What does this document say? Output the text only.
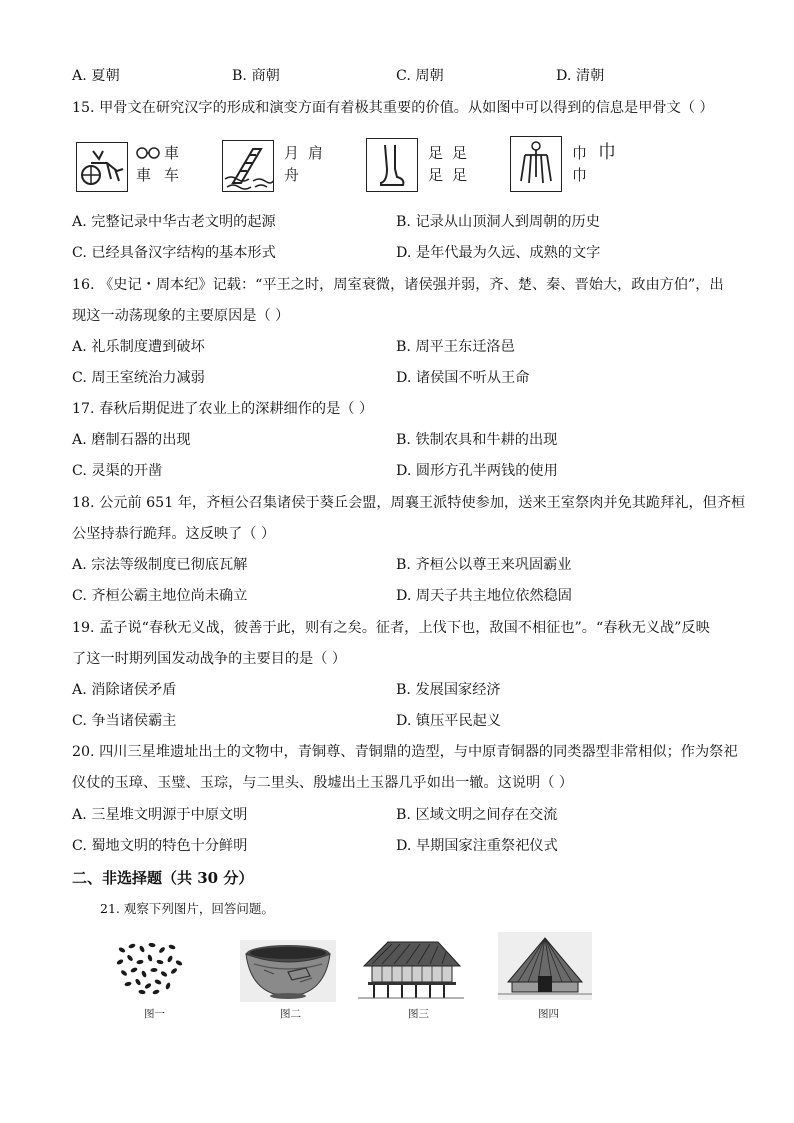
A. 夏朝	B. 商朝	C. 周朝	D. 清朝
15. 甲骨文在研究汉字的形成和演变方面有着极其重要的价值。从如图中可以得到的信息是甲骨文（ ）
車
車 车
月 肩
舟
足 足
足 足
巾 巾
巾
A. 完整记录中华古老文明的起源	B. 记录从山顶洞人到周朝的历史
C. 已经具备汉字结构的基本形式	D. 是年代最为久远、成熟的文字
16. 《史记・周本纪》记载：“平王之时，周室衰微，诸侯强并弱，齐、楚、秦、晋始大，政由方伯”，出
现这一动荡现象的主要原因是（ ）
A. 礼乐制度遭到破坏	B. 周平王东迁洛邑
C. 周王室统治力减弱	D. 诸侯国不听从王命
17. 春秋后期促进了农业上的深耕细作的是（ ）
A. 磨制石器的出现	B. 铁制农具和牛耕的出现
C. 灵渠的开凿	D. 圆形方孔半两钱的使用
18. 公元前 651 年，齐桓公召集诸侯于葵丘会盟，周襄王派特使参加，送来王室祭肉并免其跪拜礼，但齐桓
公坚持恭行跪拜。这反映了（ ）
A. 宗法等级制度已彻底瓦解	B. 齐桓公以尊王来巩固霸业
C. 齐桓公霸主地位尚未确立	D. 周天子共主地位依然稳固
19. 孟子说“春秋无义战，彼善于此，则有之矣。征者，上伐下也，敌国不相征也”。“春秋无义战”反映
了这一时期列国发动战争的主要目的是（ ）
A. 消除诸侯矛盾	B. 发展国家经济
C. 争当诸侯霸主	D. 镇压平民起义
20. 四川三星堆遗址出土的文物中，青铜尊、青铜鼎的造型，与中原青铜器的同类器型非常相似；作为祭祀
仪仗的玉璋、玉璧、玉琮，与二里头、殷墟出土玉器几乎如出一辙。这说明（ ）
A. 三星堆文明源于中原文明	B. 区域文明之间存在交流
C. 蜀地文明的特色十分鲜明	D. 早期国家注重祭祀仪式
二、非选择题（共 30 分）
21. 观察下列图片，回答问题。
图一	图二	图三	图四
